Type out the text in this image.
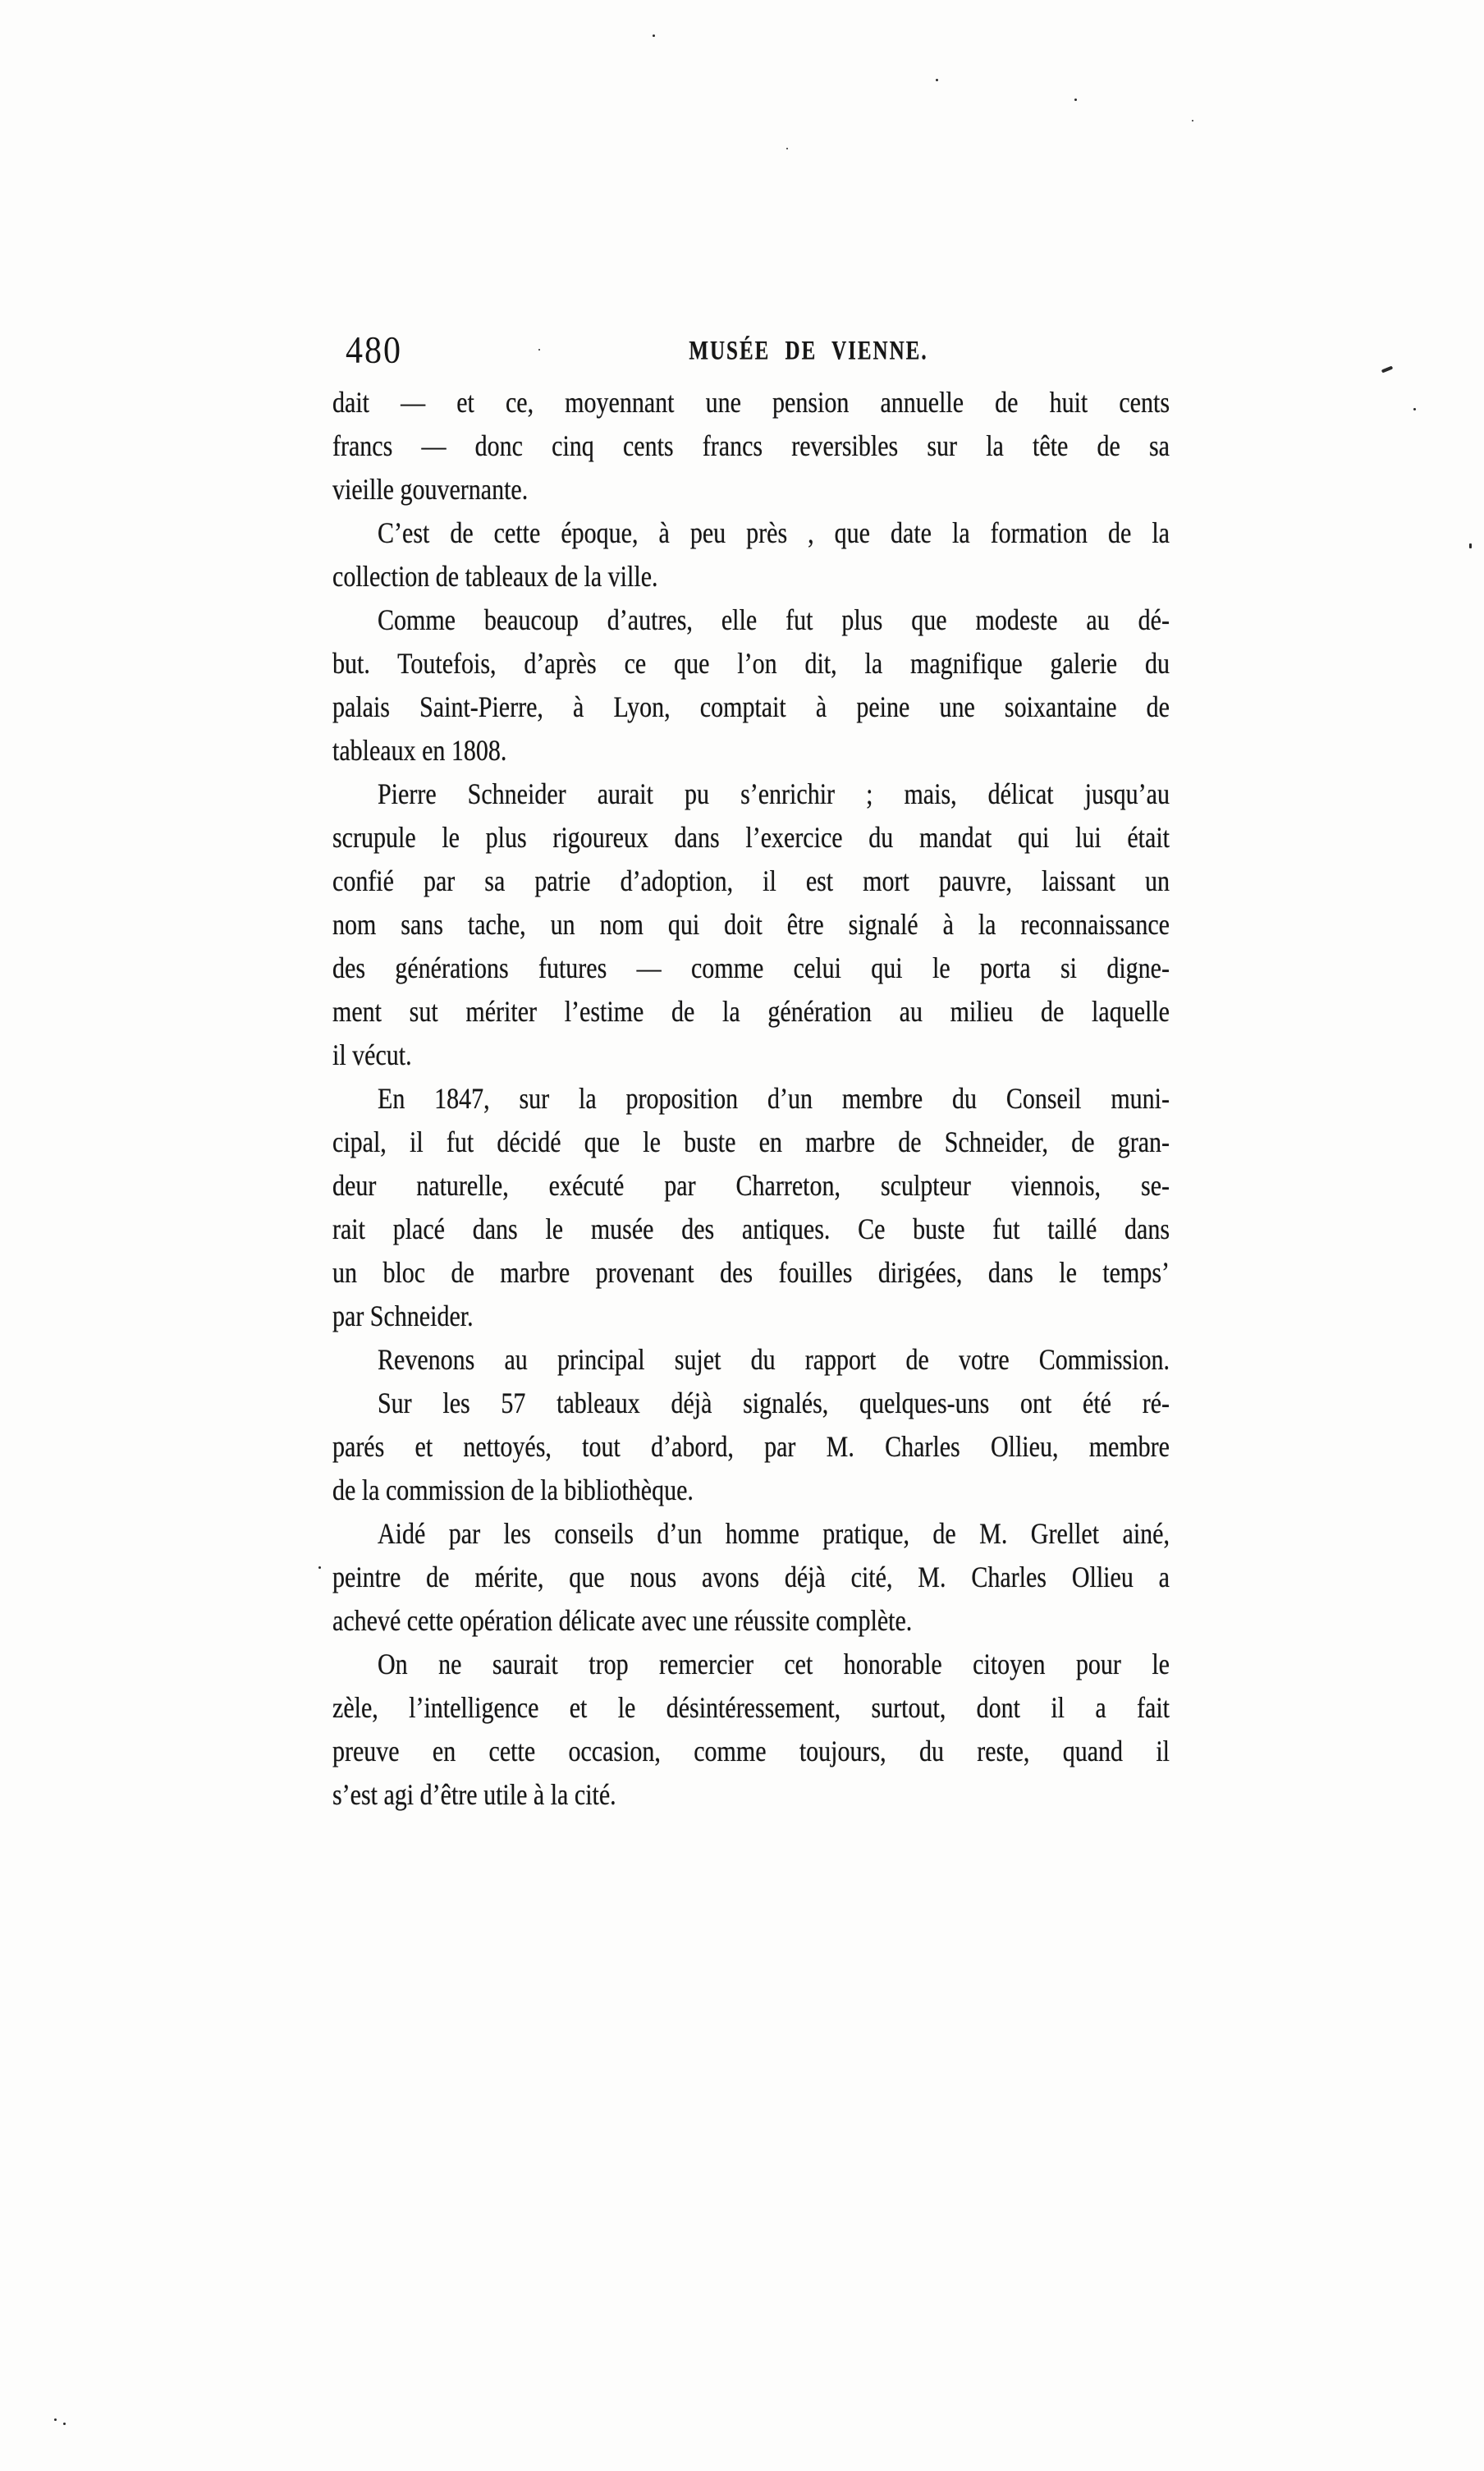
480	MUSÉE DE VIENNE.

dait — et ce, moyennant une pension annuelle de huit cents
francs — donc cinq cents francs reversibles sur la tête de sa
vieille gouvernante.

C’est de cette époque, à peu près , que date la formation de la
collection de tableaux de la ville.

Comme beaucoup d’autres, elle fut plus que modeste au dé-
but. Toutefois, d’après ce que l’on dit, la magnifique galerie du
palais Saint-Pierre, à Lyon, comptait à peine une soixantaine de
tableaux en 1808.

Pierre Schneider aurait pu s’enrichir ; mais, délicat jusqu’au
scrupule le plus rigoureux dans l’exercice du mandat qui lui était
confié par sa patrie d’adoption, il est mort pauvre, laissant un
nom sans tache, un nom qui doit être signalé à la reconnaissance
des générations futures — comme celui qui le porta si digne-
ment sut mériter l’estime de la génération au milieu de laquelle
il vécut.

En 1847, sur la proposition d’un membre du Conseil muni-
cipal, il fut décidé que le buste en marbre de Schneider, de gran-
deur naturelle, exécuté par Charreton, sculpteur viennois, se-
rait placé dans le musée des antiques. Ce buste fut taillé dans
un bloc de marbre provenant des fouilles dirigées, dans le temps’
par Schneider.

Revenons au principal sujet du rapport de votre Commission.

Sur les 57 tableaux déjà signalés, quelques-uns ont été ré-
parés et nettoyés, tout d’abord, par M. Charles Ollieu, membre
de la commission de la bibliothèque.

Aidé par les conseils d’un homme pratique, de M. Grellet ainé,
peintre de mérite, que nous avons déjà cité, M. Charles Ollieu a
achevé cette opération délicate avec une réussite complète.

On ne saurait trop remercier cet honorable citoyen pour le
zèle, l’intelligence et le désintéressement, surtout, dont il a fait
preuve en cette occasion, comme toujours, du reste, quand il
s’est agi d’être utile à la cité.
